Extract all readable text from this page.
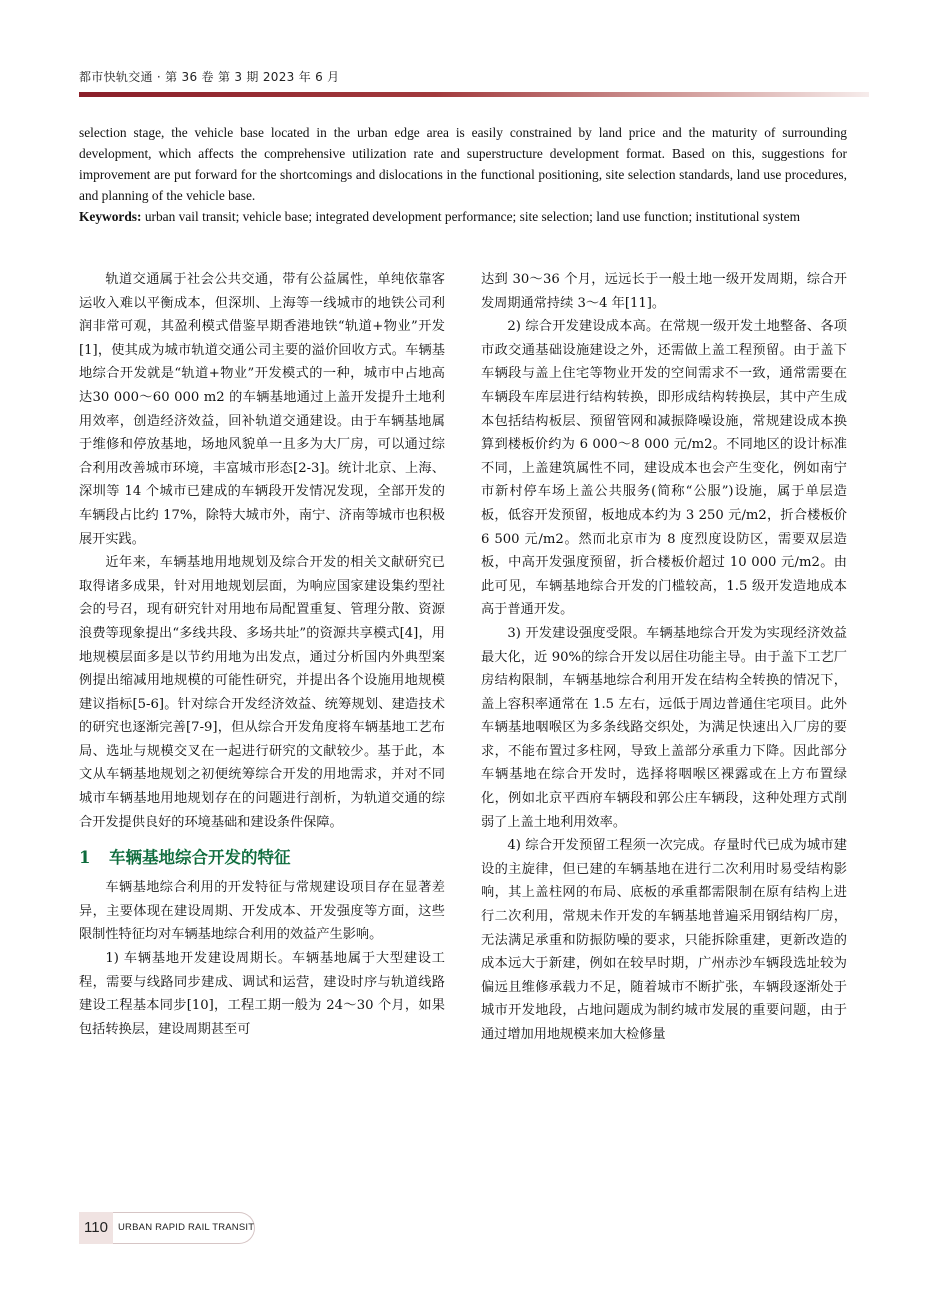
都市快轨交通 · 第 36 卷 第 3 期 2023 年 6 月

selection stage, the vehicle base located in the urban edge area is easily constrained by land price and the maturity of surrounding development, which affects the comprehensive utilization rate and superstructure development format. Based on this, suggestions for improvement are put forward for the shortcomings and dislocations in the functional positioning, site selection standards, land use procedures, and planning of the vehicle base.

Keywords: urban vail transit; vehicle base; integrated development performance; site selection; land use function; institutional system

轨道交通属于社会公共交通，带有公益属性，单纯依靠客运收入难以平衡成本，但深圳、上海等一线城市的地铁公司利润非常可观，其盈利模式借鉴早期香港地铁“轨道+物业”开发[1]，使其成为城市轨道交通公司主要的溢价回收方式。车辆基地综合开发就是“轨道+物业”开发模式的一种，城市中占地高达30 000～60 000 m2 的车辆基地通过上盖开发提升土地利用效率，创造经济效益，回补轨道交通建设。由于车辆基地属于维修和停放基地，场地风貌单一且多为大厂房，可以通过综合利用改善城市环境，丰富城市形态[2-3]。统计北京、上海、深圳等 14 个城市已建成的车辆段开发情况发现，全部开发的车辆段占比约 17%，除特大城市外，南宁、济南等城市也积极展开实践。

近年来，车辆基地用地规划及综合开发的相关文献研究已取得诸多成果，针对用地规划层面，为响应国家建设集约型社会的号召，现有研究针对用地布局配置重复、管理分散、资源浪费等现象提出“多线共段、多场共址”的资源共享模式[4]，用地规模层面多是以节约用地为出发点，通过分析国内外典型案例提出缩减用地规模的可能性研究，并提出各个设施用地规模建议指标[5-6]。针对综合开发经济效益、统筹规划、建造技术的研究也逐渐完善[7-9]，但从综合开发角度将车辆基地工艺布局、选址与规模交叉在一起进行研究的文献较少。基于此，本文从车辆基地规划之初便统筹综合开发的用地需求，并对不同城市车辆基地用地规划存在的问题进行剖析，为轨道交通的综合开发提供良好的环境基础和建设条件保障。

1 车辆基地综合开发的特征

车辆基地综合利用的开发特征与常规建设项目存在显著差异，主要体现在建设周期、开发成本、开发强度等方面，这些限制性特征均对车辆基地综合利用的效益产生影响。

1) 车辆基地开发建设周期长。车辆基地属于大型建设工程，需要与线路同步建成、调试和运营，建设时序与轨道线路建设工程基本同步[10]，工程工期一般为 24～30 个月，如果包括转换层，建设周期甚至可

达到 30～36 个月，远远长于一般土地一级开发周期，综合开发周期通常持续 3～4 年[11]。

2) 综合开发建设成本高。在常规一级开发土地整备、各项市政交通基础设施建设之外，还需做上盖工程预留。由于盖下车辆段与盖上住宅等物业开发的空间需求不一致，通常需要在车辆段车库层进行结构转换，即形成结构转换层，其中产生成本包括结构板层、预留管网和减振降噪设施，常规建设成本换算到楼板价约为 6 000～8 000 元/m2。不同地区的设计标准不同，上盖建筑属性不同，建设成本也会产生变化，例如南宁市新村停车场上盖公共服务(简称“公服”)设施，属于单层造板，低容开发预留，板地成本约为 3 250 元/m2，折合楼板价 6 500 元/m2。然而北京市为 8 度烈度设防区，需要双层造板，中高开发强度预留，折合楼板价超过 10 000 元/m2。由此可见，车辆基地综合开发的门槛较高，1.5 级开发造地成本高于普通开发。

3) 开发建设强度受限。车辆基地综合开发为实现经济效益最大化，近 90%的综合开发以居住功能主导。由于盖下工艺厂房结构限制，车辆基地综合利用开发在结构全转换的情况下，盖上容积率通常在 1.5 左右，远低于周边普通住宅项目。此外车辆基地咽喉区为多条线路交织处，为满足快速出入厂房的要求，不能布置过多柱网，导致上盖部分承重力下降。因此部分车辆基地在综合开发时，选择将咽喉区裸露或在上方布置绿化，例如北京平西府车辆段和郭公庄车辆段，这种处理方式削弱了上盖土地利用效率。

4) 综合开发预留工程须一次完成。存量时代已成为城市建设的主旋律，但已建的车辆基地在进行二次利用时易受结构影响，其上盖柱网的布局、底板的承重都需限制在原有结构上进行二次利用，常规未作开发的车辆基地普遍采用钢结构厂房，无法满足承重和防振防噪的要求，只能拆除重建，更新改造的成本远大于新建，例如在较早时期，广州赤沙车辆段选址较为偏远且维修承载力不足，随着城市不断扩张，车辆段逐渐处于城市开发地段，占地问题成为制约城市发展的重要问题，由于通过增加用地规模来加大检修量

110	URBAN RAPID RAIL TRANSIT
